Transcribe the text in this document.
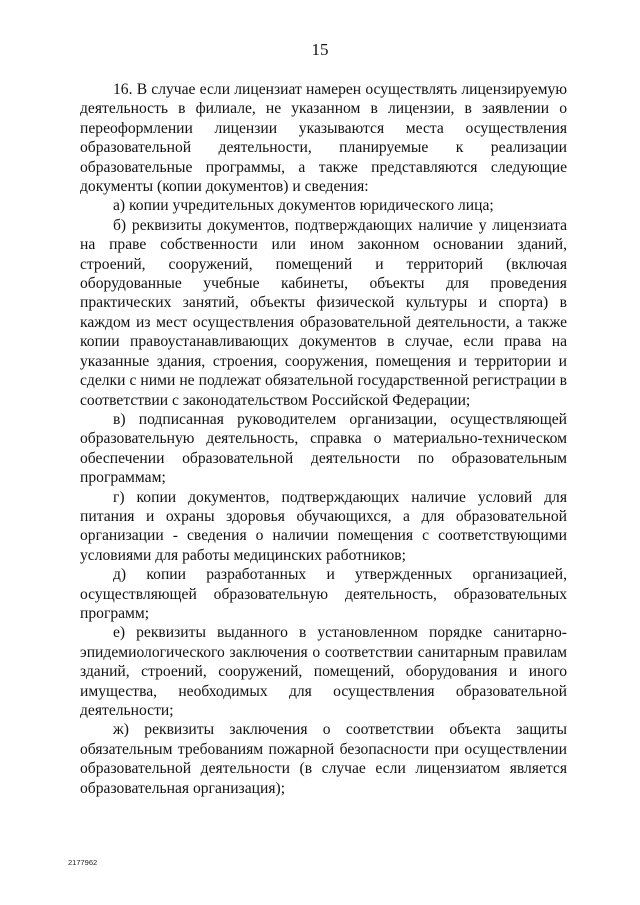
15

16. В случае если лицензиат намерен осуществлять лицензируемую деятельность в филиале, не указанном в лицензии, в заявлении о переоформлении лицензии указываются места осуществления образовательной деятельности, планируемые к реализации образовательные программы, а также представляются следующие документы (копии документов) и сведения:

а) копии учредительных документов юридического лица;

б) реквизиты документов, подтверждающих наличие у лицензиата на праве собственности или ином законном основании зданий, строений, сооружений, помещений и территорий (включая оборудованные учебные кабинеты, объекты для проведения практических занятий, объекты физической культуры и спорта) в каждом из мест осуществления образовательной деятельности, а также копии правоустанавливающих документов в случае, если права на указанные здания, строения, сооружения, помещения и территории и сделки с ними не подлежат обязательной государственной регистрации в соответствии с законодательством Российской Федерации;

в) подписанная руководителем организации, осуществляющей образовательную деятельность, справка о материально-техническом обеспечении образовательной деятельности по образовательным программам;

г) копии документов, подтверждающих наличие условий для питания и охраны здоровья обучающихся, а для образовательной организации - сведения о наличии помещения с соответствующими условиями для работы медицинских работников;

д) копии разработанных и утвержденных организацией, осуществляющей образовательную деятельность, образовательных программ;

е) реквизиты выданного в установленном порядке санитарно-эпидемиологического заключения о соответствии санитарным правилам зданий, строений, сооружений, помещений, оборудования и иного имущества, необходимых для осуществления образовательной деятельности;

ж) реквизиты заключения о соответствии объекта защиты обязательным требованиям пожарной безопасности при осуществлении образовательной деятельности (в случае если лицензиатом является образовательная организация);

2177962
